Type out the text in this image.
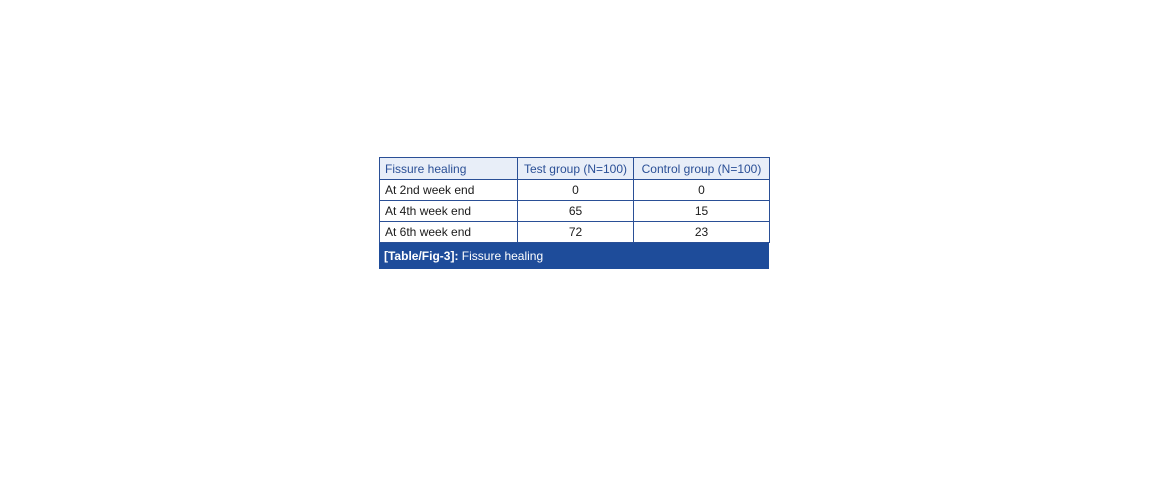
Fissure healing	Test group (N=100)	Control group (N=100)
At 2nd week end	0	0
At 4th week end	65	15
At 6th week end	72	23
[Table/Fig-3]: Fissure healing
